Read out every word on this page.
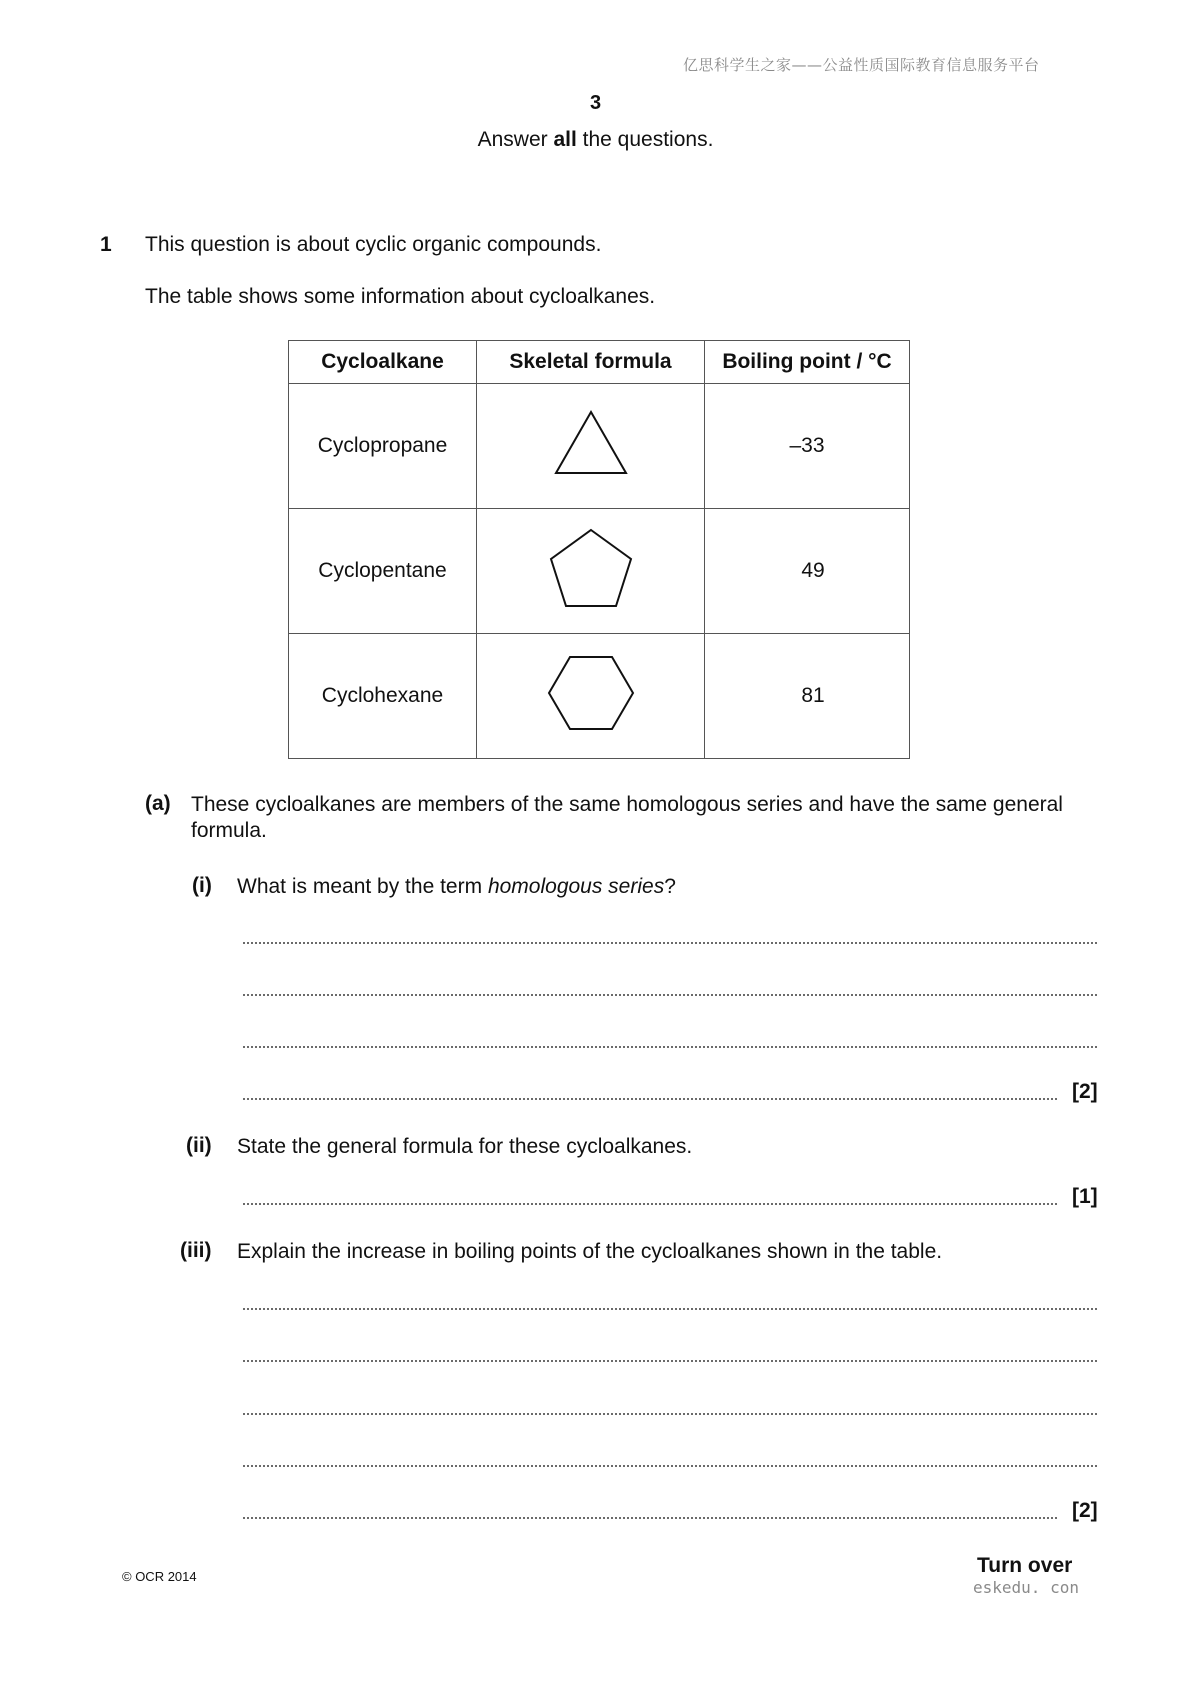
亿思科学生之家——公益性质国际教育信息服务平台
3
Answer all the questions.
1 This question is about cyclic organic compounds.
The table shows some information about cycloalkanes.
Cycloalkane	Skeletal formula	Boiling point / °C
Cyclopropane		–33
Cyclopentane		49
Cyclohexane		81
(a) These cycloalkanes are members of the same homologous series and have the same general formula.
(i) What is meant by the term homologous series?
[2]
(ii) State the general formula for these cycloalkanes.
[1]
(iii) Explain the increase in boiling points of the cycloalkanes shown in the table.
[2]
© OCR 2014	Turn over
eskedu. con
